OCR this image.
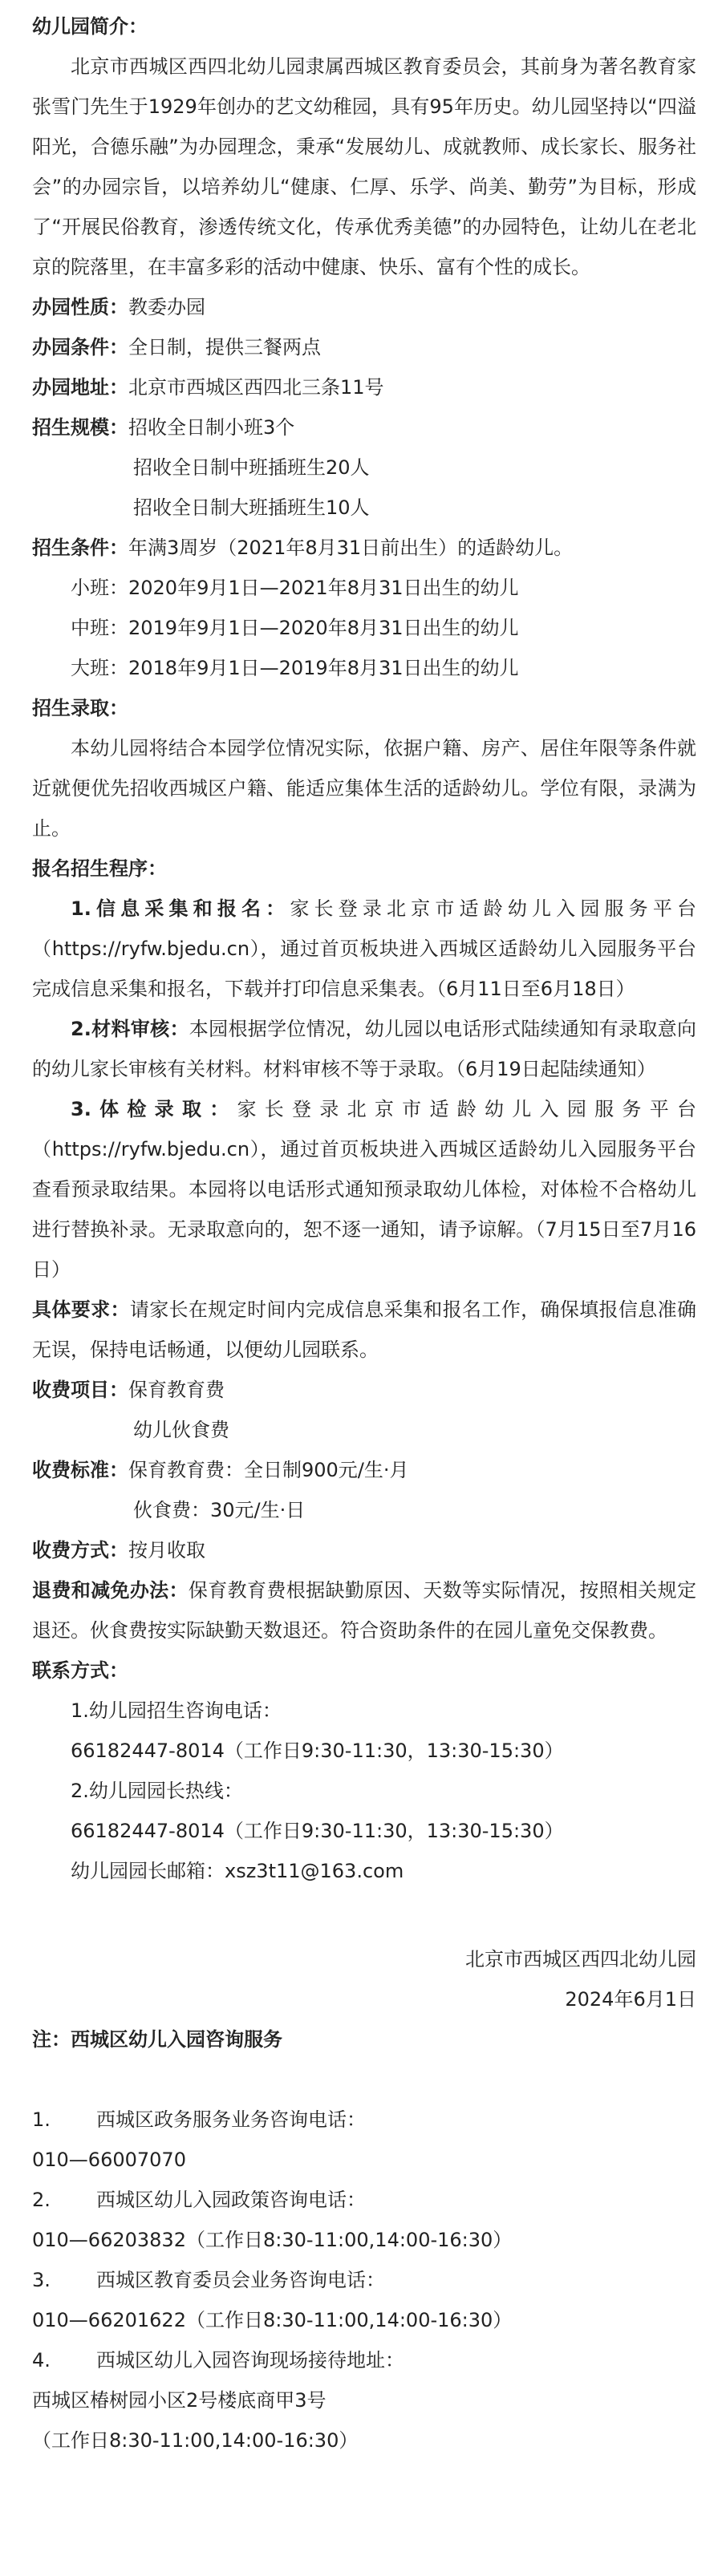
幼儿园简介：

北京市西城区西四北幼儿园隶属西城区教育委员会，其前身为著名教育家张雪门先生于1929年创办的艺文幼稚园，具有95年历史。幼儿园坚持以“四溢阳光，合德乐融”为办园理念，秉承“发展幼儿、成就教师、成长家长、服务社会”的办园宗旨，以培养幼儿“健康、仁厚、乐学、尚美、勤劳”为目标，形成了“开展民俗教育，渗透传统文化，传承优秀美德”的办园特色，让幼儿在老北京的院落里，在丰富多彩的活动中健康、快乐、富有个性的成长。

办园性质：教委办园

办园条件：全日制，提供三餐两点

办园地址：北京市西城区西四北三条11号

招生规模：招收全日制小班3个

招收全日制中班插班生20人

招收全日制大班插班生10人

招生条件：年满3周岁（2021年8月31日前出生）的适龄幼儿。

小班：2020年9月1日—2021年8月31日出生的幼儿

中班：2019年9月1日—2020年8月31日出生的幼儿

大班：2018年9月1日—2019年8月31日出生的幼儿

招生录取：

本幼儿园将结合本园学位情况实际，依据户籍、房产、居住年限等条件就近就便优先招收西城区户籍、能适应集体生活的适龄幼儿。学位有限，录满为止。

报名招生程序：

1.信息采集和报名：家长登录北京市适龄幼儿入园服务平台（https://ryfw.bjedu.cn），通过首页板块进入西城区适龄幼儿入园服务平台完成信息采集和报名，下载并打印信息采集表。（6月11日至6月18日）

2.材料审核：本园根据学位情况，幼儿园以电话形式陆续通知有录取意向的幼儿家长审核有关材料。材料审核不等于录取。（6月19日起陆续通知）

3.体检录取：家长登录北京市适龄幼儿入园服务平台（https://ryfw.bjedu.cn），通过首页板块进入西城区适龄幼儿入园服务平台查看预录取结果。本园将以电话形式通知预录取幼儿体检，对体检不合格幼儿进行替换补录。无录取意向的，恕不逐一通知，请予谅解。（7月15日至7月16日）

具体要求：请家长在规定时间内完成信息采集和报名工作，确保填报信息准确无误，保持电话畅通，以便幼儿园联系。

收费项目：保育教育费

幼儿伙食费

收费标准：保育教育费：全日制900元/生·月

伙食费：30元/生·日

收费方式：按月收取

退费和减免办法：保育教育费根据缺勤原因、天数等实际情况，按照相关规定退还。伙食费按实际缺勤天数退还。符合资助条件的在园儿童免交保教费。

联系方式：

1.幼儿园招生咨询电话：

66182447-8014（工作日9:30-11:30，13:30-15:30）

2.幼儿园园长热线：

66182447-8014（工作日9:30-11:30，13:30-15:30）

幼儿园园长邮箱：xsz3t11@163.com

北京市西城区西四北幼儿园

2024年6月1日

注：西城区幼儿入园咨询服务

1. 西城区政务服务业务咨询电话：

010—66007070

2. 西城区幼儿入园政策咨询电话：

010—66203832（工作日8:30-11:00,14:00-16:30）

3. 西城区教育委员会业务咨询电话：

010—66201622（工作日8:30-11:00,14:00-16:30）

4. 西城区幼儿入园咨询现场接待地址：

西城区椿树园小区2号楼底商甲3号

（工作日8:30-11:00,14:00-16:30）
